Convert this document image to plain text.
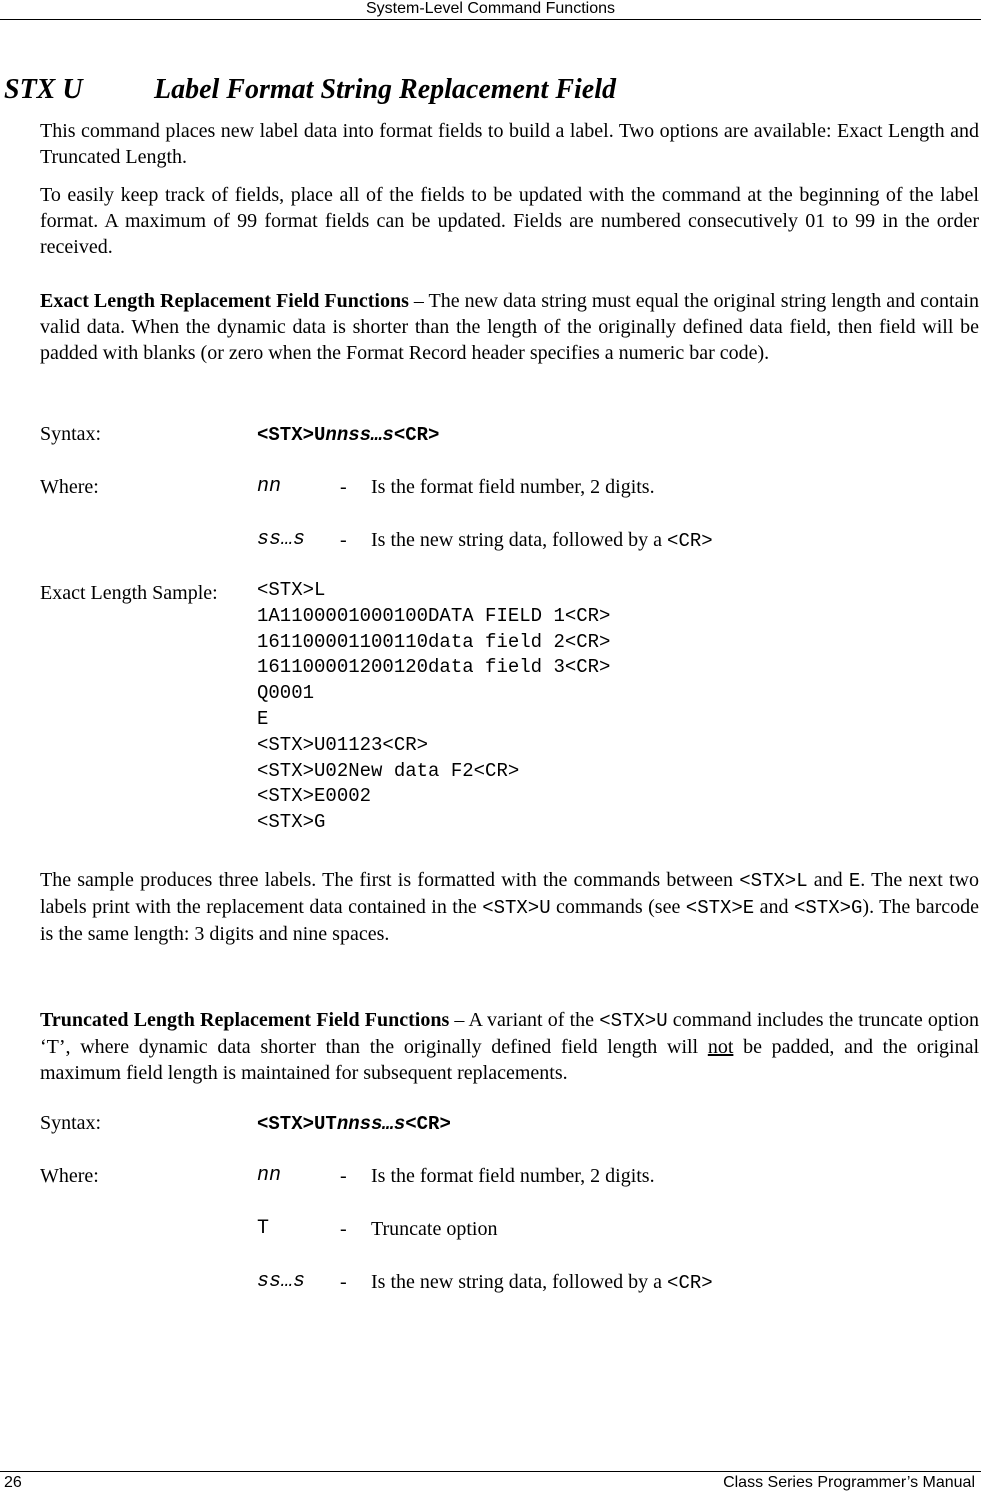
System-Level Command Functions
STX U	Label Format String Replacement Field

This command places new label data into format fields to build a label. Two options are available: Exact Length and Truncated Length.

To easily keep track of fields, place all of the fields to be updated with the command at the beginning of the label format. A maximum of 99 format fields can be updated. Fields are numbered consecutively 01 to 99 in the order received.

Exact Length Replacement Field Functions – The new data string must equal the original string length and contain valid data. When the dynamic data is shorter than the length of the originally defined data field, then field will be padded with blanks (or zero when the Format Record header specifies a numeric bar code).

Syntax:	<STX>Unnss…s<CR>
Where:	nn	- Is the format field number, 2 digits.
ss…s - Is the new string data, followed by a <CR>
Exact Length Sample: <STX>L
1A1100001000100DATA FIELD 1<CR>
161100001100110data field 2<CR>
161100001200120data field 3<CR>
Q0001
E
<STX>U01123<CR>
<STX>U02New data F2<CR>
<STX>E0002
<STX>G

The sample produces three labels. The first is formatted with the commands between <STX>L and E. The next two labels print with the replacement data contained in the <STX>U commands (see <STX>E and <STX>G). The barcode is the same length: 3 digits and nine spaces.

Truncated Length Replacement Field Functions – A variant of the <STX>U command includes the truncate option ‘T’, where dynamic data shorter than the originally defined field length will not be padded, and the original maximum field length is maintained for subsequent replacements.

Syntax:	<STX>UTnnss…s<CR>
Where:	nn	- Is the format field number, 2 digits.
T	- Truncate option
ss…s - Is the new string data, followed by a <CR>
26	Class Series Programmer’s Manual
